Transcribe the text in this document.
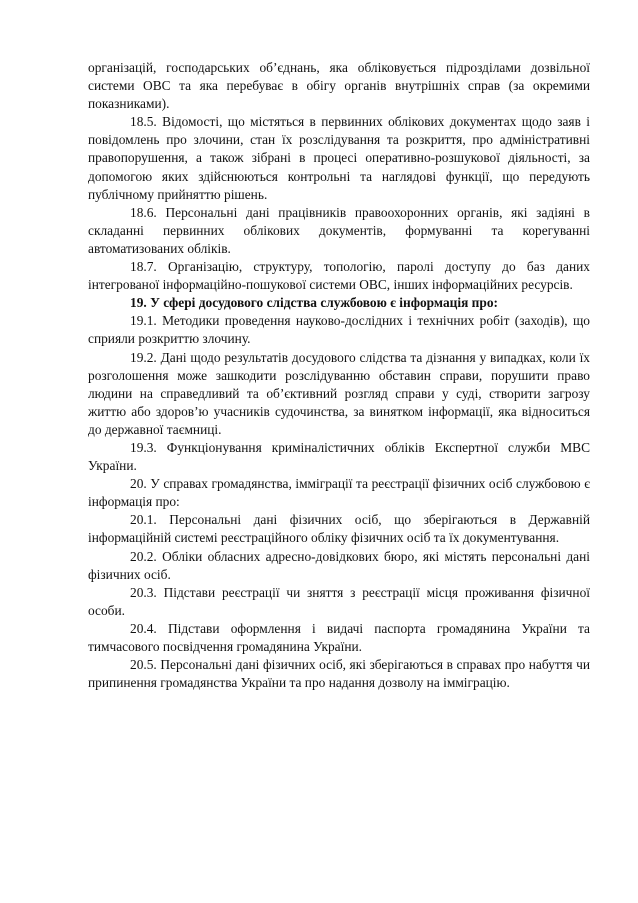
організацій, господарських об’єднань, яка обліковується підрозділами дозвільної системи ОВС та яка перебуває в обігу органів внутрішніх справ (за окремими показниками).

18.5. Відомості, що містяться в первинних облікових документах щодо заяв і повідомлень про злочини, стан їх розслідування та розкриття, про адміністративні правопорушення, а також зібрані в процесі оперативно-розшукової діяльності, за допомогою яких здійснюються контрольні та наглядові функції, що передують публічному прийняттю рішень.

18.6. Персональні дані працівників правоохоронних органів, які задіяні в складанні первинних облікових документів, формуванні та корегуванні автоматизованих обліків.

18.7. Організацію, структуру, топологію, паролі доступу до баз даних інтегрованої інформаційно-пошукової системи ОВС, інших інформаційних ресурсів.

19. У сфері досудового слідства службовою є інформація про:

19.1. Методики проведення науково-дослідних і технічних робіт (заходів), що сприяли розкриттю злочину.

19.2. Дані щодо результатів досудового слідства та дізнання у випадках, коли їх розголошення може зашкодити розслідуванню обставин справи, порушити право людини на справедливий та об’єктивний розгляд справи у суді, створити загрозу життю або здоров’ю учасників судочинства, за винятком інформації, яка відноситься до державної таємниці.

19.3. Функціонування криміналістичних обліків Експертної служби МВС України.

20. У справах громадянства, імміграції та реєстрації фізичних осіб службовою є інформація про:

20.1. Персональні дані фізичних осіб, що зберігаються в Державній інформаційній системі реєстраційного обліку фізичних осіб та їх документування.

20.2. Обліки обласних адресно-довідкових бюро, які містять персональні дані фізичних осіб.

20.3. Підстави реєстрації чи зняття з реєстрації місця проживання фізичної особи.

20.4. Підстави оформлення і видачі паспорта громадянина України та тимчасового посвідчення громадянина України.

20.5. Персональні дані фізичних осіб, які зберігаються в справах про набуття чи припинення громадянства України та про надання дозволу на імміграцію.
